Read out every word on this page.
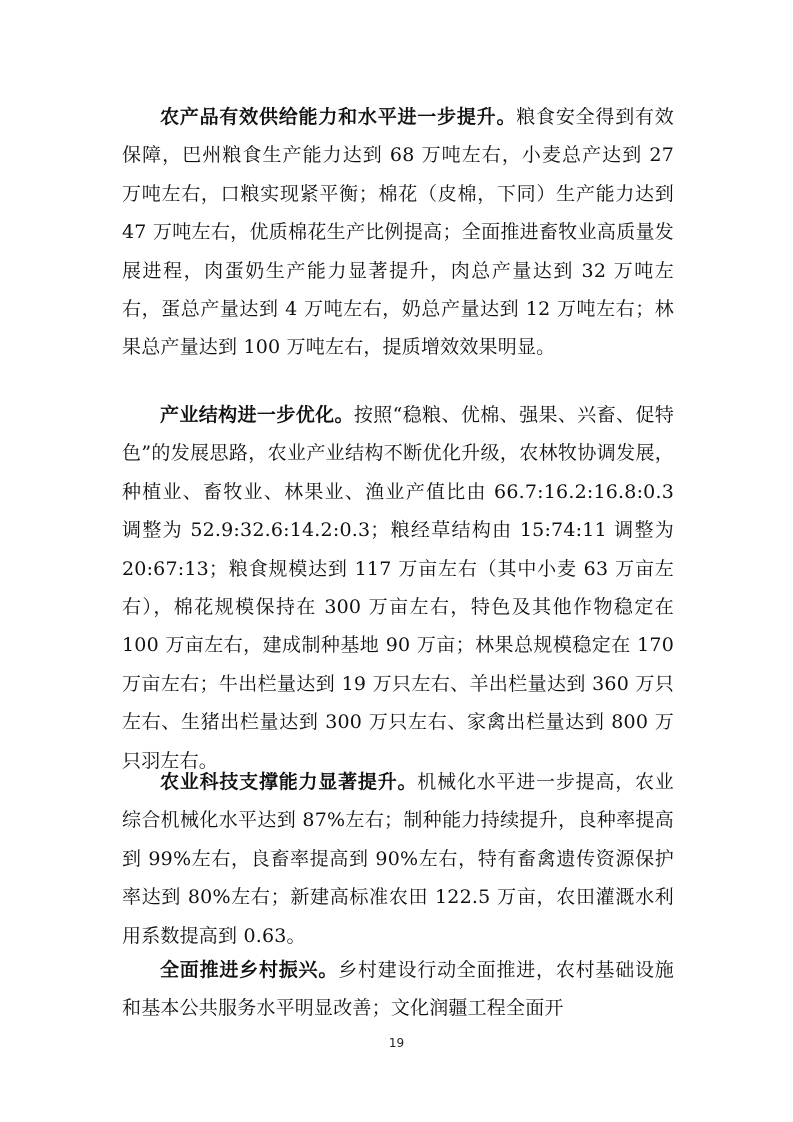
农产品有效供给能力和水平进一步提升。粮食安全得到有效保障，巴州粮食生产能力达到 68 万吨左右，小麦总产达到 27 万吨左右，口粮实现紧平衡；棉花（皮棉，下同）生产能力达到 47 万吨左右，优质棉花生产比例提高；全面推进畜牧业高质量发展进程，肉蛋奶生产能力显著提升，肉总产量达到 32 万吨左右，蛋总产量达到 4 万吨左右，奶总产量达到 12 万吨左右；林果总产量达到 100 万吨左右，提质增效效果明显。

产业结构进一步优化。按照“稳粮、优棉、强果、兴畜、促特色”的发展思路，农业产业结构不断优化升级，农林牧协调发展，种植业、畜牧业、林果业、渔业产值比由 66.7:16.2:16.8:0.3 调整为 52.9:32.6:14.2:0.3；粮经草结构由 15:74:11 调整为 20:67:13；粮食规模达到 117 万亩左右（其中小麦 63 万亩左右），棉花规模保持在 300 万亩左右，特色及其他作物稳定在 100 万亩左右，建成制种基地 90 万亩；林果总规模稳定在 170 万亩左右；牛出栏量达到 19 万只左右、羊出栏量达到 360 万只左右、生猪出栏量达到 300 万只左右、家禽出栏量达到 800 万只羽左右。

农业科技支撑能力显著提升。机械化水平进一步提高，农业综合机械化水平达到 87%左右；制种能力持续提升，良种率提高到 99%左右，良畜率提高到 90%左右，特有畜禽遗传资源保护率达到 80%左右；新建高标准农田 122.5 万亩，农田灌溉水利用系数提高到 0.63。

全面推进乡村振兴。乡村建设行动全面推进，农村基础设施和基本公共服务水平明显改善；文化润疆工程全面开

19
